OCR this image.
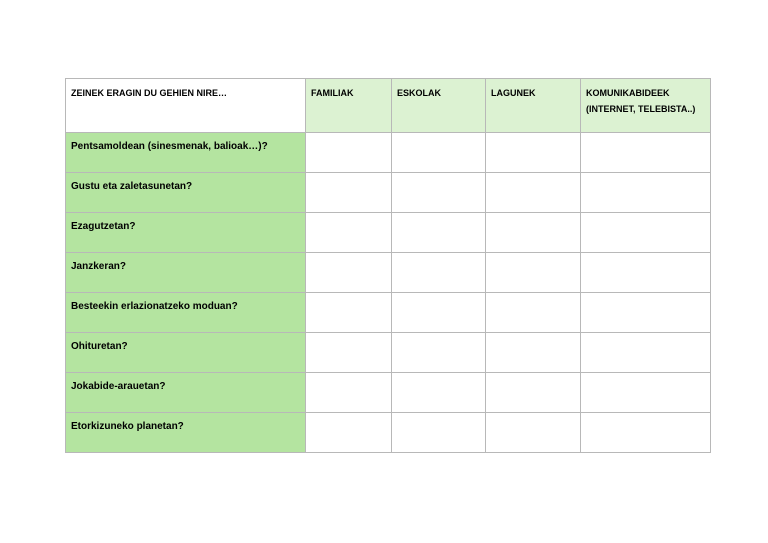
ZEINEK ERAGIN DU GEHIEN NIRE…	FAMILIAK	ESKOLAK	LAGUNEK	KOMUNIKABIDEEK (INTERNET, TELEBISTA..)
Pentsamoldean (sinesmenak, balioak…)?				
Gustu eta zaletasunetan?				
Ezagutzetan?				
Janzkeran?				
Besteekin erlazionatzeko moduan?				
Ohituretan?				
Jokabide-arauetan?				
Etorkizuneko planetan?				
